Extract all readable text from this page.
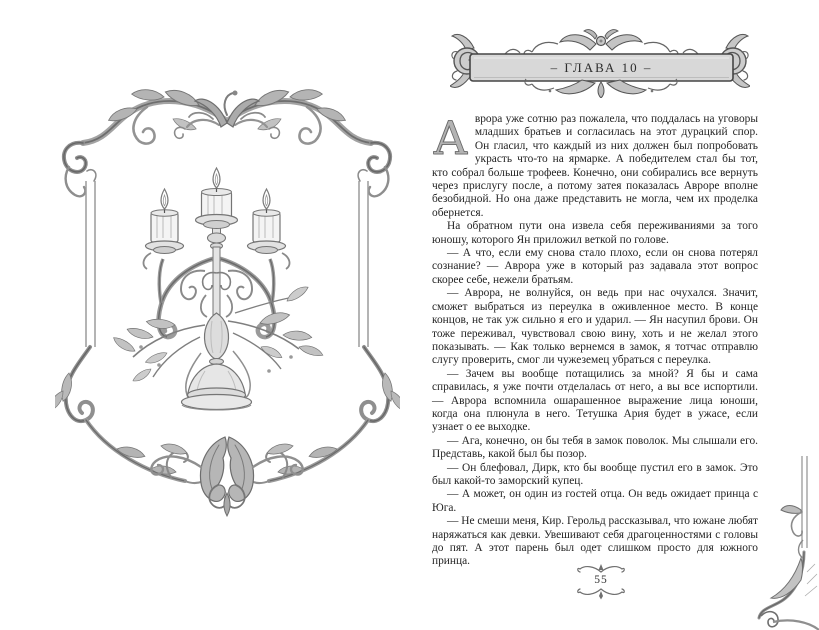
– ГЛАВА 10 –

Аврора уже сотню раз пожалела, что поддалась на уговоры младших братьев и согласилась на этот дурацкий спор. Он гласил, что каждый из них должен был попробовать украсть что-то на ярмарке. А победителем стал бы тот, кто собрал больше трофеев. Конечно, они собирались все вернуть через прислугу после, а потому затея показалась Авроре вполне безобидной. Но она даже представить не могла, чем их проделка обернется.

На обратном пути она извела себя переживаниями за того юношу, которого Ян приложил веткой по голове.

— А что, если ему снова стало плохо, если он снова потерял сознание? — Аврора уже в который раз задавала этот вопрос скорее себе, нежели братьям.

— Аврора, не волнуйся, он ведь при нас очухался. Значит, сможет выбраться из переулка в оживленное место. В конце концов, не так уж сильно я его и ударил. — Ян насупил брови. Он тоже переживал, чувствовал свою вину, хоть и не желал этого показывать. — Как только вернемся в замок, я тотчас отправлю слугу проверить, смог ли чужеземец убраться с переулка.

— Зачем вы вообще потащились за мной? Я бы и сама справилась, я уже почти отделалась от него, а вы все испортили. — Аврора вспомнила ошарашенное выражение лица юноши, когда она плюнула в него. Тетушка Ария будет в ужасе, если узнает о ее выходке.

— Ага, конечно, он бы тебя в замок поволок. Мы слышали его. Представь, какой был бы позор.

— Он блефовал, Дирк, кто бы вообще пустил его в замок. Это был какой-то заморский купец.

— А может, он один из гостей отца. Он ведь ожидает принца с Юга.

— Не смеши меня, Кир. Герольд рассказывал, что южане любят наряжаться как девки. Увешивают себя драгоценностями с головы до пят. А этот парень был одет слишком просто для южного принца.

55
